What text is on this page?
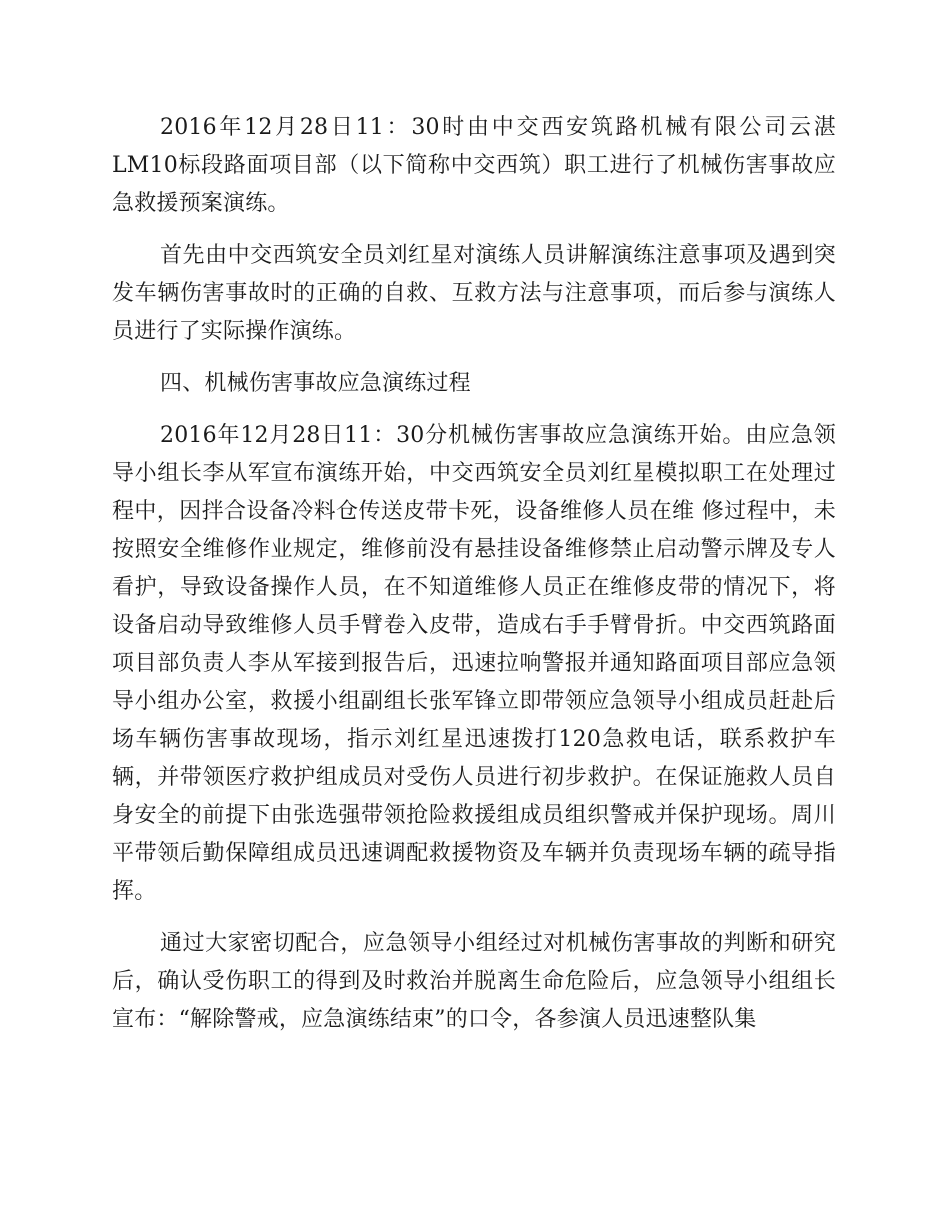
2016年12月28日11：30时由中交西安筑路机械有限公司云湛LM10标段路面项目部（以下简称中交西筑）职工进行了机械伤害事故应急救援预案演练。

首先由中交西筑安全员刘红星对演练人员讲解演练注意事项及遇到突发车辆伤害事故时的正确的自救、互救方法与注意事项，而后参与演练人员进行了实际操作演练。

四、机械伤害事故应急演练过程

2016年12月28日11：30分机械伤害事故应急演练开始。由应急领导小组长李从军宣布演练开始，中交西筑安全员刘红星模拟职工在处理过程中，因拌合设备冷料仓传送皮带卡死，设备维修人员在维 修过程中，未按照安全维修作业规定，维修前没有悬挂设备维修禁止启动警示牌及专人看护，导致设备操作人员，在不知道维修人员正在维修皮带的情况下，将设备启动导致维修人员手臂卷入皮带，造成右手手臂骨折。中交西筑路面项目部负责人李从军接到报告后，迅速拉响警报并通知路面项目部应急领导小组办公室，救援小组副组长张军锋立即带领应急领导小组成员赶赴后场车辆伤害事故现场，指示刘红星迅速拨打120急救电话，联系救护车辆，并带领医疗救护组成员对受伤人员进行初步救护。在保证施救人员自身安全的前提下由张选强带领抢险救援组成员组织警戒并保护现场。周川平带领后勤保障组成员迅速调配救援物资及车辆并负责现场车辆的疏导指挥。

通过大家密切配合，应急领导小组经过对机械伤害事故的判断和研究后，确认受伤职工的得到及时救治并脱离生命危险后，应急领导小组组长宣布：“解除警戒，应急演练结束”的口令，各参演人员迅速整队集
